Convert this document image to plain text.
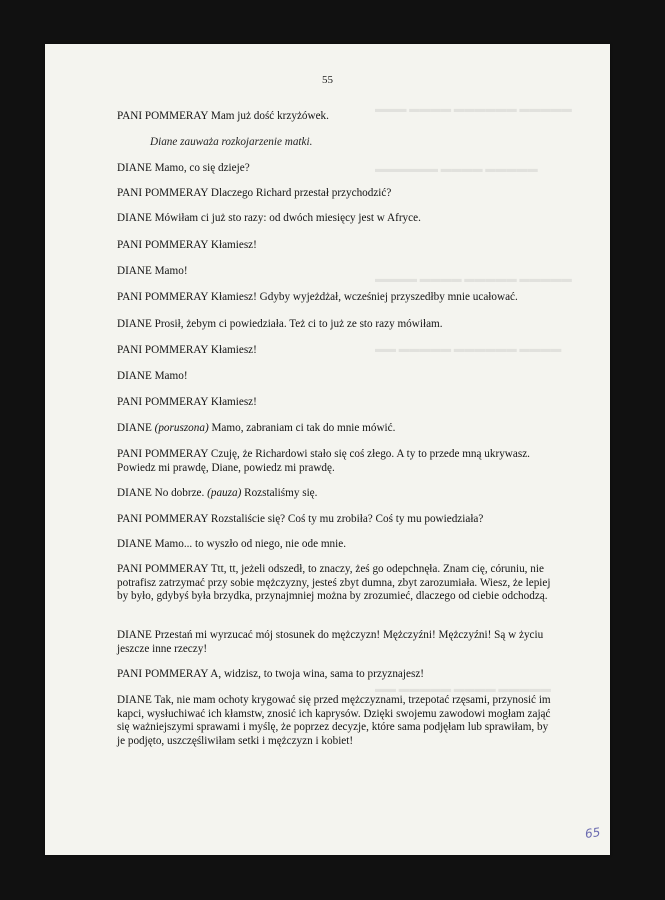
▬▬▬▬▬ ▬▬▬▬▬▬ ▬▬▬▬ ▬▬▬
▬▬▬▬▬ ▬▬▬▬ ▬▬▬▬▬▬
▬▬▬▬▬ ▬▬▬▬▬ ▬▬▬▬ ▬▬▬▬
▬▬▬▬ ▬▬▬▬▬▬ ▬▬▬▬▬ ▬▬
▬▬▬▬▬ ▬▬▬▬ ▬▬▬▬▬ ▬▬
55
PANI POMMERAY Mam już dość krzyżówek.
Diane zauważa rozkojarzenie matki.
DIANE Mamo, co się dzieje?
PANI POMMERAY Dlaczego Richard przestał przychodzić?
DIANE Mówiłam ci już sto razy: od dwóch miesięcy jest w Afryce.
PANI POMMERAY Kłamiesz!
DIANE Mamo!
PANI POMMERAY Kłamiesz! Gdyby wyjeżdżał, wcześniej przyszedłby mnie ucałować.
DIANE Prosił, żebym ci powiedziała. Też ci to już ze sto razy mówiłam.
PANI POMMERAY Kłamiesz!
DIANE Mamo!
PANI POMMERAY Kłamiesz!
DIANE (poruszona) Mamo, zabraniam ci tak do mnie mówić.
PANI POMMERAY Czuję, że Richardowi stało się coś złego. A ty to przede mną ukrywasz. Powiedz mi prawdę, Diane, powiedz mi prawdę.
DIANE No dobrze. (pauza) Rozstaliśmy się.
PANI POMMERAY Rozstaliście się? Coś ty mu zrobiła? Coś ty mu powiedziała?
DIANE Mamo... to wyszło od niego, nie ode mnie.
PANI POMMERAY Ttt, tt, jeżeli odszedł, to znaczy, żeś go odepchnęła. Znam cię, córuniu, nie potrafisz zatrzymać przy sobie mężczyzny, jesteś zbyt dumna, zbyt zarozumiała. Wiesz, że lepiej by było, gdybyś była brzydka, przynajmniej można by zrozumieć, dlaczego od ciebie odchodzą.
DIANE Przestań mi wyrzucać mój stosunek do mężczyzn! Mężczyźni! Mężczyźni! Są w życiu jeszcze inne rzeczy!
PANI POMMERAY A, widzisz, to twoja wina, sama to przyznajesz!
DIANE Tak, nie mam ochoty krygować się przed mężczyznami, trzepotać rzęsami, przynosić im kapci, wysłuchiwać ich kłamstw, znosić ich kaprysów. Dzięki swojemu zawodowi mogłam zająć się ważniejszymi sprawami i myślę, że poprzez decyzje, które sama podjęłam lub sprawiłam, by je podjęto, uszczęśliwiłam setki i mężczyzn i kobiet!
65
